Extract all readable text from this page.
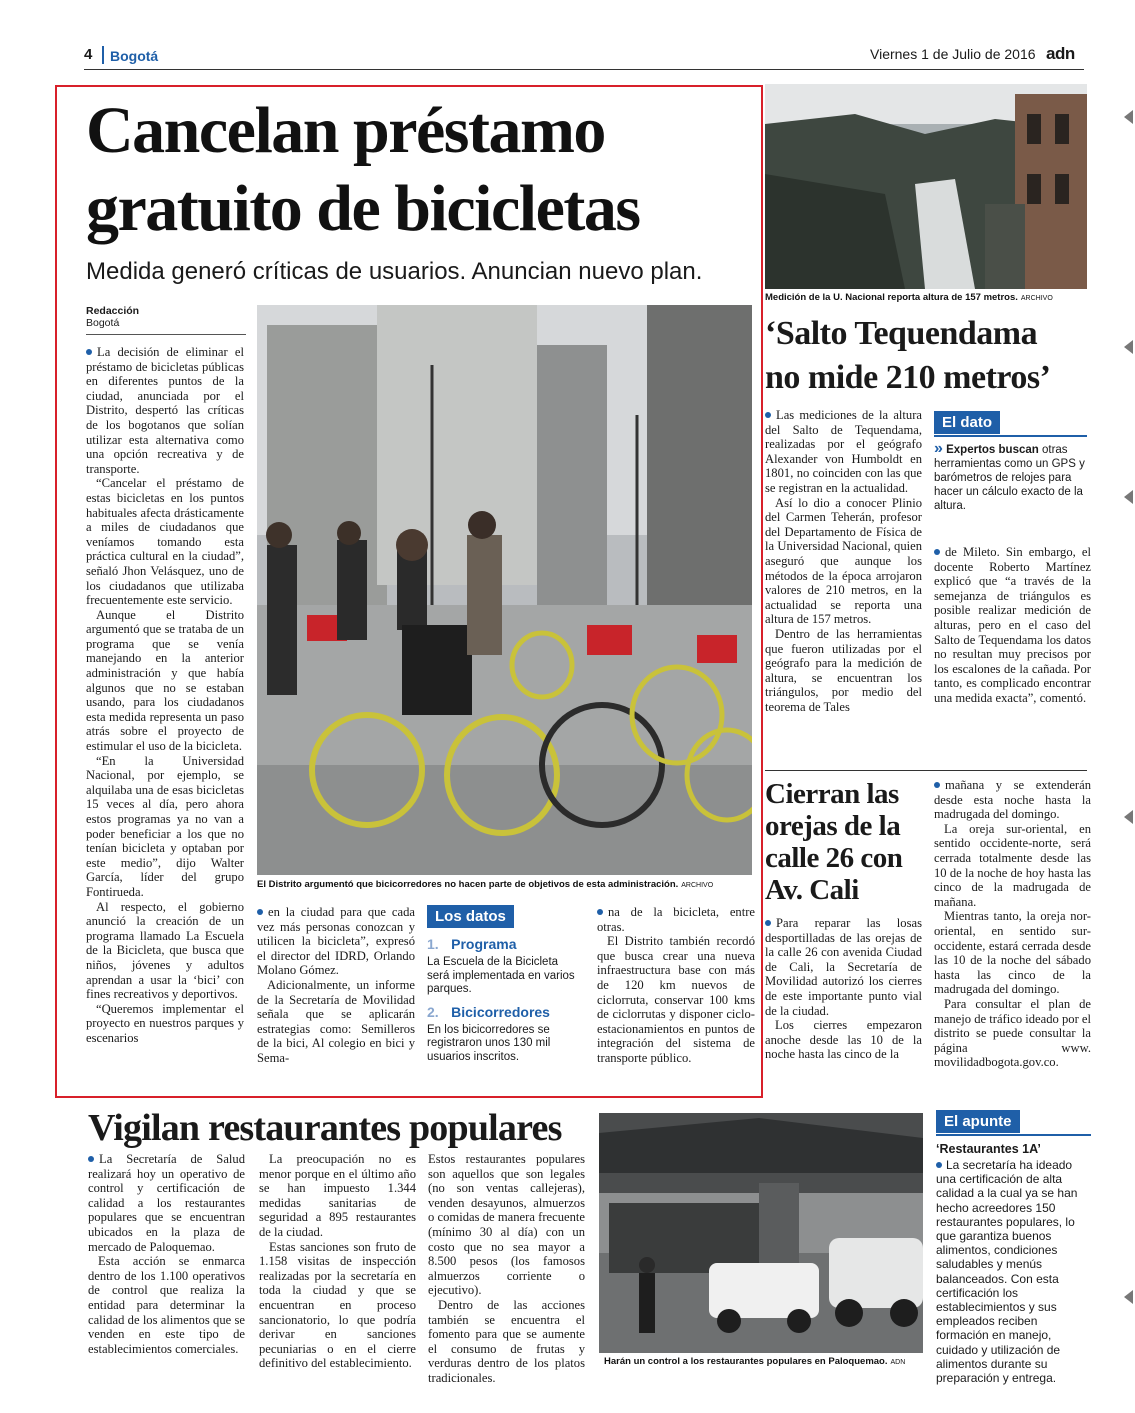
4 Bogotá	Viernes 1 de Julio de 2016 adn
Cancelan préstamo
gratuito de bicicletas
Medida generó críticas de usuarios. Anuncian nuevo plan.
Redacción
Bogotá

La decisión de eliminar el préstamo de bicicletas públicas en diferentes puntos de la ciudad, anunciada por el Distrito, despertó las críticas de los bogotanos que solían utilizar esta alternativa como una opción recreativa y de transporte.

“Cancelar el préstamo de estas bicicletas en los puntos habituales afecta drásticamente a miles de ciudadanos que veníamos tomando esta práctica cultural en la ciudad”, señaló Jhon Velásquez, uno de los ciudadanos que utilizaba frecuentemente este servicio.

Aunque el Distrito argumentó que se trataba de un programa que se venía manejando en la anterior administración y que había algunos que no se estaban usando, para los ciudadanos esta medida representa un paso atrás sobre el proyecto de estimular el uso de la bicicleta.

“En la Universidad Nacional, por ejemplo, se alquilaba una de esas bicicletas 15 veces al día, pero ahora estos programas ya no van a poder beneficiar a los que no tenían bicicleta y optaban por este medio”, dijo Walter García, líder del grupo Fontirueda.

Al respecto, el gobierno anunció la creación de un programa llamado La Escuela de la Bicicleta, que busca que niños, jóvenes y adultos aprendan a usar la ‘bici’ con fines recreativos y deportivos.

“Queremos implementar el proyecto en nuestros parques y escenarios

El Distrito argumentó que bicicorredores no hacen parte de objetivos de esta administración. ARCHIVO

en la ciudad para que cada vez más personas conozcan y utilicen la bicicleta”, expresó el director del IDRD, Orlando Molano Gómez.

Adicionalmente, un informe de la Secretaría de Movilidad señala que se aplicarán estrategias como: Semilleros de la bici, Al colegio en bici y Sema-

Los datos
1. Programa
La Escuela de la Bicicleta será implementada en varios parques.
2. Bicicorredores
En los bicicorredores se registraron unos 130 mil usuarios inscritos.

na de la bicicleta, entre otras.

El Distrito también recordó que busca crear una nueva infraestructura base con más de 120 km nuevos de ciclorruta, conservar 100 kms de ciclorrutas y disponer ciclo-estacionamientos en puntos de integración del sistema de transporte público.

Medición de la U. Nacional reporta altura de 157 metros. ARCHIVO
‘Salto Tequendama
no mide 210 metros’

Las mediciones de la altura del Salto de Tequendama, realizadas por el geógrafo Alexander von Humboldt en 1801, no coinciden con las que se registran en la actualidad.

Así lo dio a conocer Plinio del Carmen Teherán, profesor del Departamento de Física de la Universidad Nacional, quien aseguró que aunque los métodos de la época arrojaron valores de 210 metros, en la actualidad se reporta una altura de 157 metros.

Dentro de las herramientas que fueron utilizadas por el geógrafo para la medición de altura, se encuentran los triángulos, por medio del teorema de Tales

El dato
» Expertos buscan otras herramientas como un GPS y barómetros de relojes para hacer un cálculo exacto de la altura.

de Mileto. Sin embargo, el docente Roberto Martínez explicó que “a través de la semejanza de triángulos es posible realizar medición de alturas, pero en el caso del Salto de Tequendama los datos no resultan muy precisos por los escalones de la cañada. Por tanto, es complicado encontrar una medida exacta”, comentó.

Cierran las
orejas de la
calle 26 con
Av. Cali

Para reparar las losas desportilladas de las orejas de la calle 26 con avenida Ciudad de Cali, la Secretaría de Movilidad autorizó los cierres de este importante punto vial de la ciudad.

Los cierres empezaron anoche desde las 10 de la noche hasta las cinco de la

mañana y se extenderán desde esta noche hasta la madrugada del domingo.

La oreja sur-oriental, en sentido occidente-norte, será cerrada totalmente desde las 10 de la noche de hoy hasta las cinco de la madrugada de mañana.

Mientras tanto, la oreja nor-oriental, en sentido sur-occidente, estará cerrada desde las 10 de la noche del sábado hasta las cinco de la madrugada del domingo.

Para consultar el plan de manejo de tráfico ideado por el distrito se puede consultar la página www. movilidadbogota.gov.co.

Vigilan restaurantes populares

La Secretaría de Salud realizará hoy un operativo de control y certificación de calidad a los restaurantes populares que se encuentran ubicados en la plaza de mercado de Paloquemao.

Esta acción se enmarca dentro de los 1.100 operativos de control que realiza la entidad para determinar la calidad de los alimentos que se venden en este tipo de establecimientos comerciales.

La preocupación no es menor porque en el último año se han impuesto 1.344 medidas sanitarias de seguridad a 895 restaurantes de la ciudad.

Estas sanciones son fruto de 1.158 visitas de inspección realizadas por la secretaría en toda la ciudad y que se encuentran en proceso sancionatorio, lo que podría derivar en sanciones pecuniarias o en el cierre definitivo del establecimiento.

Estos restaurantes populares son aquellos que son legales (no son ventas callejeras), venden desayunos, almuerzos o comidas de manera frecuente (mínimo 30 al día) con un costo que no sea mayor a 8.500 pesos (los famosos almuerzos corriente o ejecutivo).

Dentro de las acciones también se encuentra el fomento para que se aumente el consumo de frutas y verduras dentro de los platos tradicionales.

Harán un control a los restaurantes populares en Paloquemao. ADN
El apunte
‘Restaurantes 1A’
La secretaría ha ideado una certificación de alta calidad a la cual ya se han hecho acreedores 150 restaurantes populares, lo que garantiza buenos alimentos, condiciones saludables y menús balanceados. Con esta certificación los establecimientos y sus empleados reciben formación en manejo, cuidado y utilización de alimentos durante su preparación y entrega.
